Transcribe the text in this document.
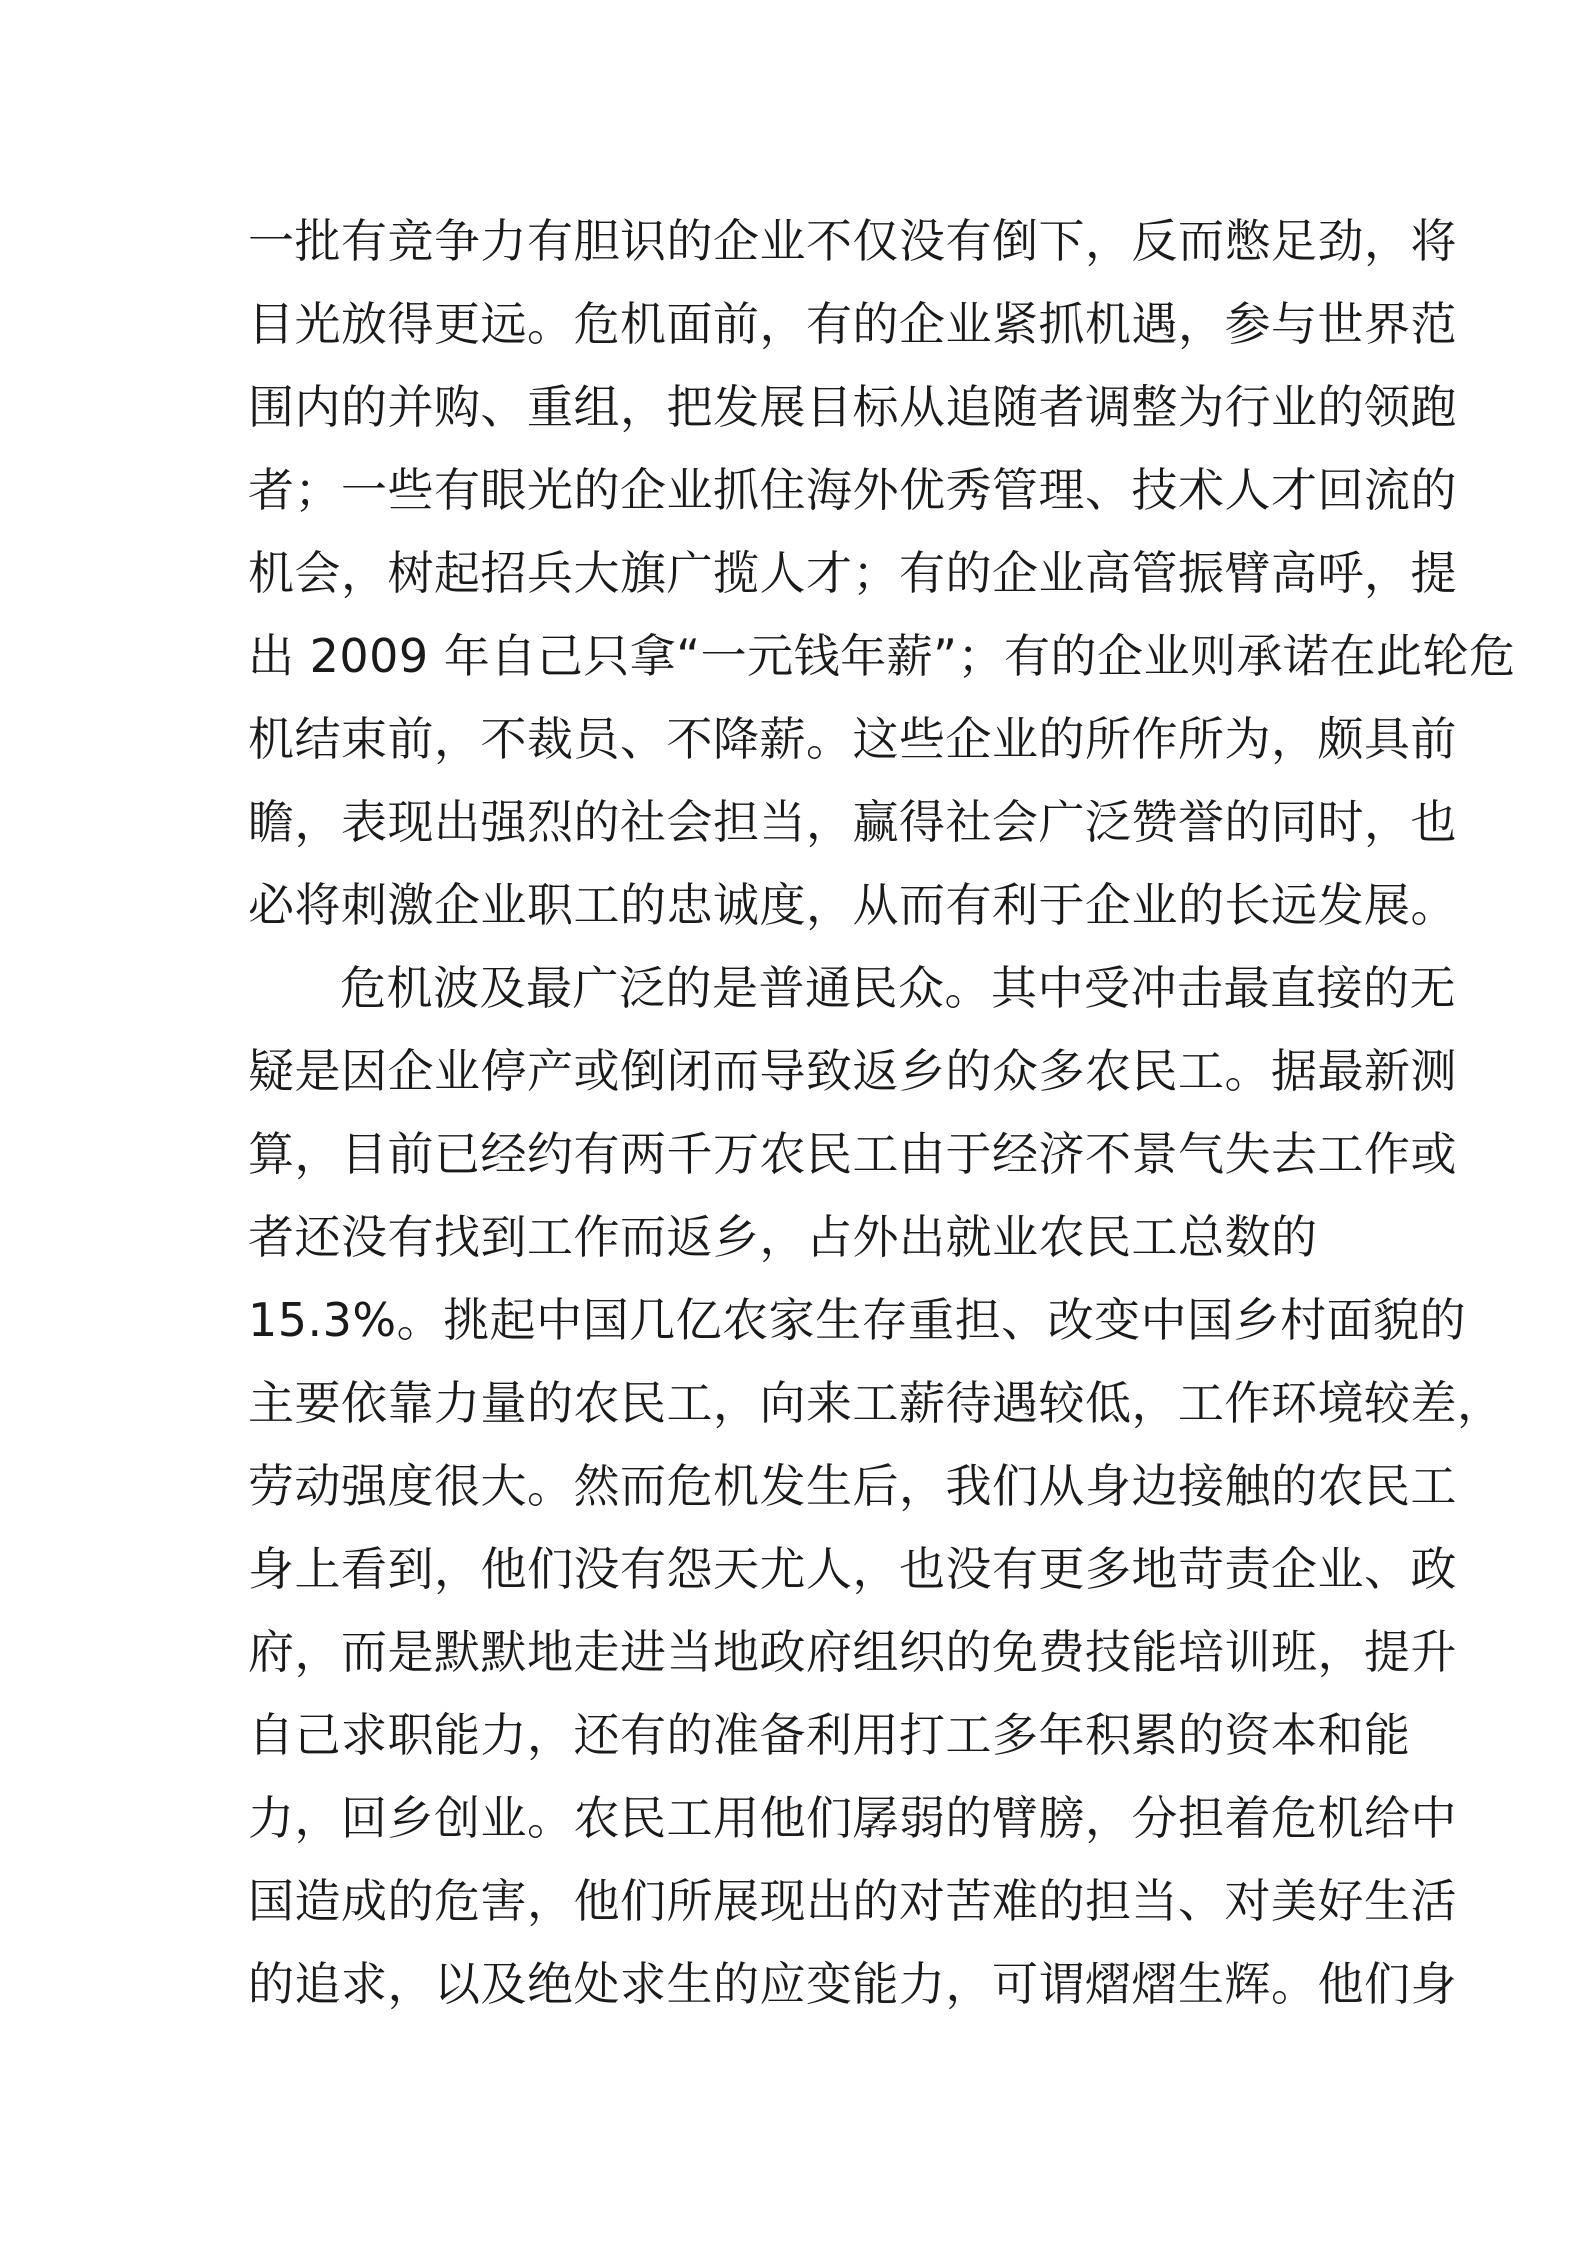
一批有竞争力有胆识的企业不仅没有倒下，反而憋足劲，将
目光放得更远。危机面前，有的企业紧抓机遇，参与世界范
围内的并购、重组，把发展目标从追随者调整为行业的领跑
者；一些有眼光的企业抓住海外优秀管理、技术人才回流的
机会，树起招兵大旗广揽人才；有的企业高管振臂高呼，提
出 2009 年自己只拿“一元钱年薪”；有的企业则承诺在此轮危
机结束前，不裁员、不降薪。这些企业的所作所为，颇具前
瞻，表现出强烈的社会担当，赢得社会广泛赞誉的同时，也
必将刺激企业职工的忠诚度，从而有利于企业的长远发展。
危机波及最广泛的是普通民众。其中受冲击最直接的无
疑是因企业停产或倒闭而导致返乡的众多农民工。据最新测
算，目前已经约有两千万农民工由于经济不景气失去工作或
者还没有找到工作而返乡，占外出就业农民工总数的
15.3%。挑起中国几亿农家生存重担、改变中国乡村面貌的
主要依靠力量的农民工，向来工薪待遇较低，工作环境较差，
劳动强度很大。然而危机发生后，我们从身边接触的农民工
身上看到，他们没有怨天尤人，也没有更多地苛责企业、政
府，而是默默地走进当地政府组织的免费技能培训班，提升
自己求职能力，还有的准备利用打工多年积累的资本和能
力，回乡创业。农民工用他们孱弱的臂膀，分担着危机给中
国造成的危害，他们所展现出的对苦难的担当、对美好生活
的追求，以及绝处求生的应变能力，可谓熠熠生辉。他们身
